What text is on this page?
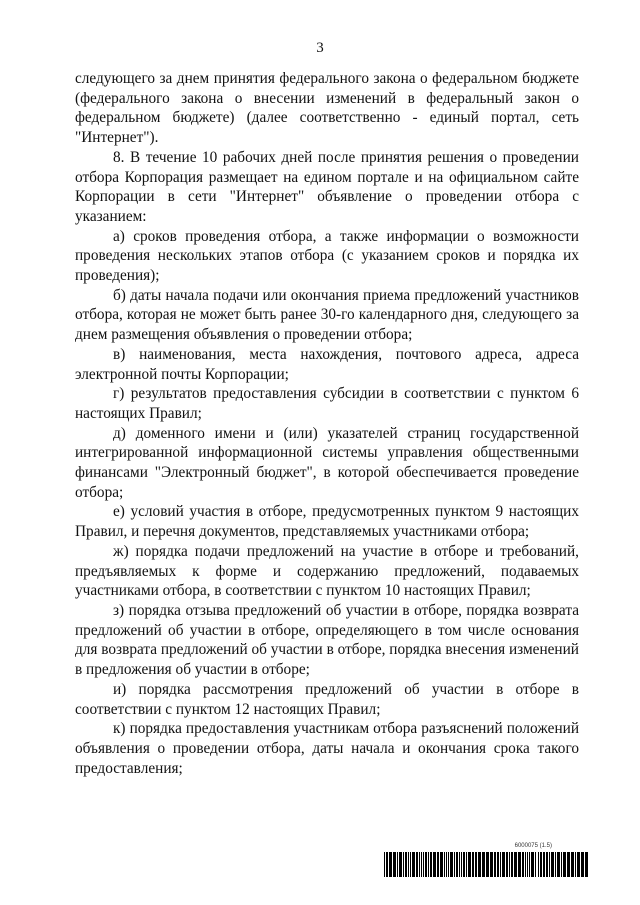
3

следующего за днем принятия федерального закона о федеральном бюджете (федерального закона о внесении изменений в федеральный закон о федеральном бюджете) (далее соответственно - единый портал, сеть "Интернет").

8. В течение 10 рабочих дней после принятия решения о проведении отбора Корпорация размещает на едином портале и на официальном сайте Корпорации в сети "Интернет" объявление о проведении отбора с указанием:

а) сроков проведения отбора, а также информации о возможности проведения нескольких этапов отбора (с указанием сроков и порядка их проведения);

б) даты начала подачи или окончания приема предложений участников отбора, которая не может быть ранее 30-го календарного дня, следующего за днем размещения объявления о проведении отбора;

в) наименования, места нахождения, почтового адреса, адреса электронной почты Корпорации;

г) результатов предоставления субсидии в соответствии с пунктом 6 настоящих Правил;

д) доменного имени и (или) указателей страниц государственной интегрированной информационной системы управления общественными финансами "Электронный бюджет", в которой обеспечивается проведение отбора;

е) условий участия в отборе, предусмотренных пунктом 9 настоящих Правил, и перечня документов, представляемых участниками отбора;

ж) порядка подачи предложений на участие в отборе и требований, предъявляемых к форме и содержанию предложений, подаваемых участниками отбора, в соответствии с пунктом 10 настоящих Правил;

з) порядка отзыва предложений об участии в отборе, порядка возврата предложений об участии в отборе, определяющего в том числе основания для возврата предложений об участии в отборе, порядка внесения изменений в предложения об участии в отборе;

и) порядка рассмотрения предложений об участии в отборе в соответствии с пунктом 12 настоящих Правил;

к) порядка предоставления участникам отбора разъяснений положений объявления о проведении отбора, даты начала и окончания срока такого предоставления;

6000075 (1.5)
